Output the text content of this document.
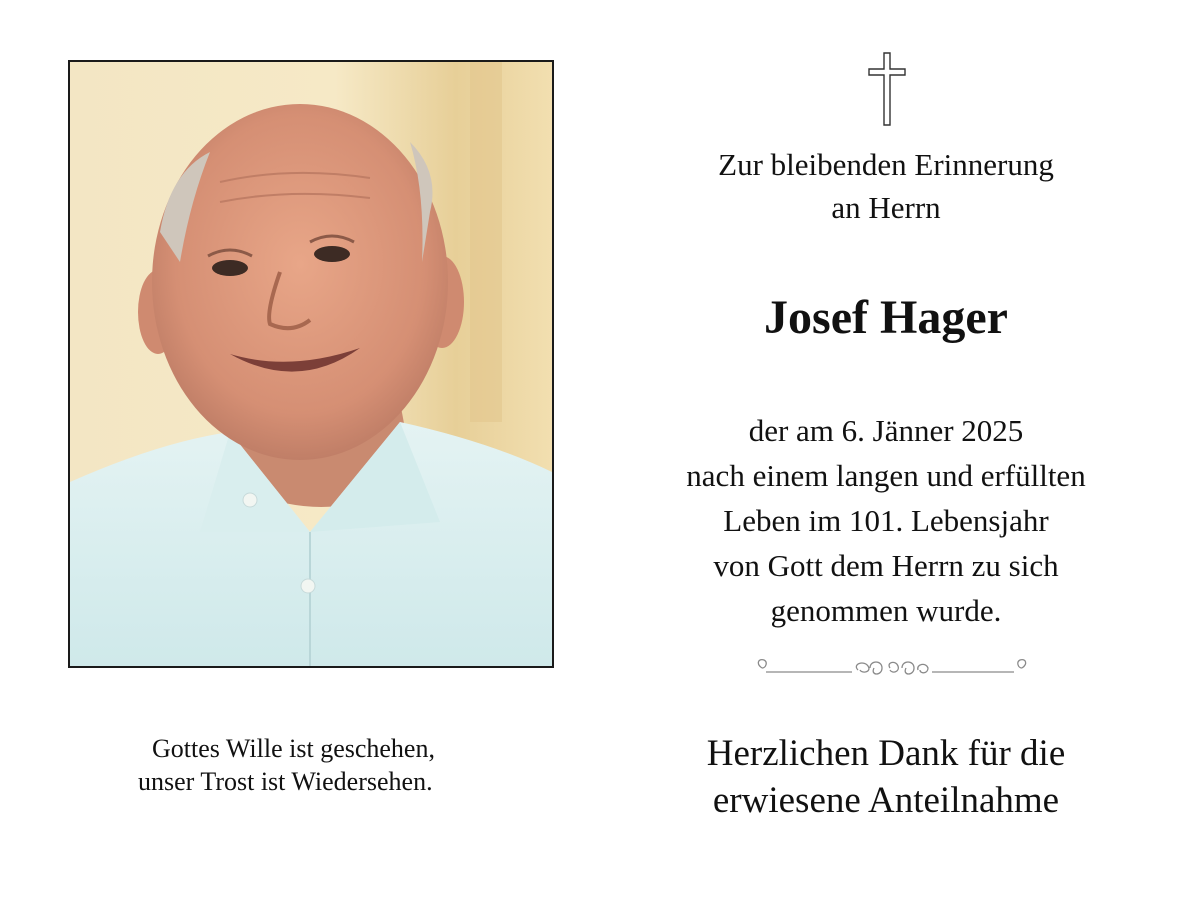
Gottes Wille ist geschehen,
unser Trost ist Wiedersehen.
Zur bleibenden Erinnerung
an Herrn
Josef Hager
der am 6. Jänner 2025
nach einem langen und erfüllten
Leben im 101. Lebensjahr
von Gott dem Herrn zu sich
genommen wurde.
Herzlichen Dank für die
erwiesene Anteilnahme
